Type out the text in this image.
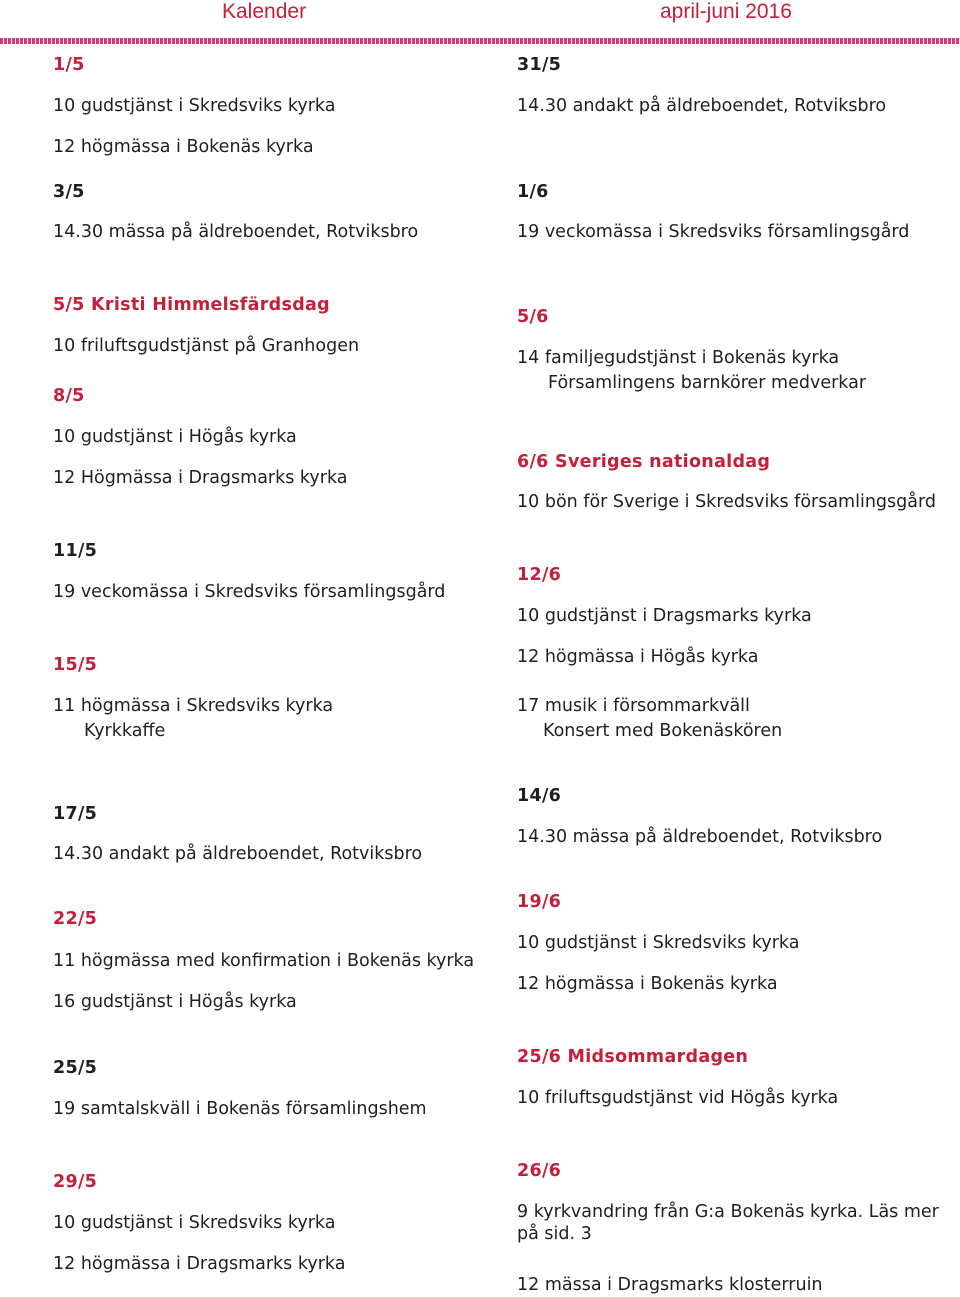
Kalender	april-juni 2016
1/5
10 gudstjänst i Skredsviks kyrka
12 högmässa i Bokenäs kyrka
3/5
14.30 mässa på äldreboendet, Rotviksbro
5/5 Kristi Himmelsfärdsdag
10 friluftsgudstjänst på Granhogen
8/5
10 gudstjänst i Högås kyrka
12 Högmässa i Dragsmarks kyrka
11/5
19 veckomässa i Skredsviks församlingsgård
15/5
11 högmässa i Skredsviks kyrka
Kyrkkaffe
17/5
14.30 andakt på äldreboendet, Rotviksbro
22/5
11 högmässa med konfirmation i Bokenäs kyrka
16 gudstjänst i Högås kyrka
25/5
19 samtalskväll i Bokenäs församlingshem
29/5
10 gudstjänst i Skredsviks kyrka
12 högmässa i Dragsmarks kyrka
31/5
14.30 andakt på äldreboendet, Rotviksbro
1/6
19 veckomässa i Skredsviks församlingsgård
5/6
14 familjegudstjänst i Bokenäs kyrka
Församlingens barnkörer medverkar
6/6 Sveriges nationaldag
10 bön för Sverige i Skredsviks församlingsgård
12/6
10 gudstjänst i Dragsmarks kyrka
12 högmässa i Högås kyrka
17 musik i försommarkväll
Konsert med Bokenäskören
14/6
14.30 mässa på äldreboendet, Rotviksbro
19/6
10 gudstjänst i Skredsviks kyrka
12 högmässa i Bokenäs kyrka
25/6 Midsommardagen
10 friluftsgudstjänst vid Högås kyrka
26/6
9 kyrkvandring från G:a Bokenäs kyrka. Läs mer på sid. 3
12 mässa i Dragsmarks klosterruin
